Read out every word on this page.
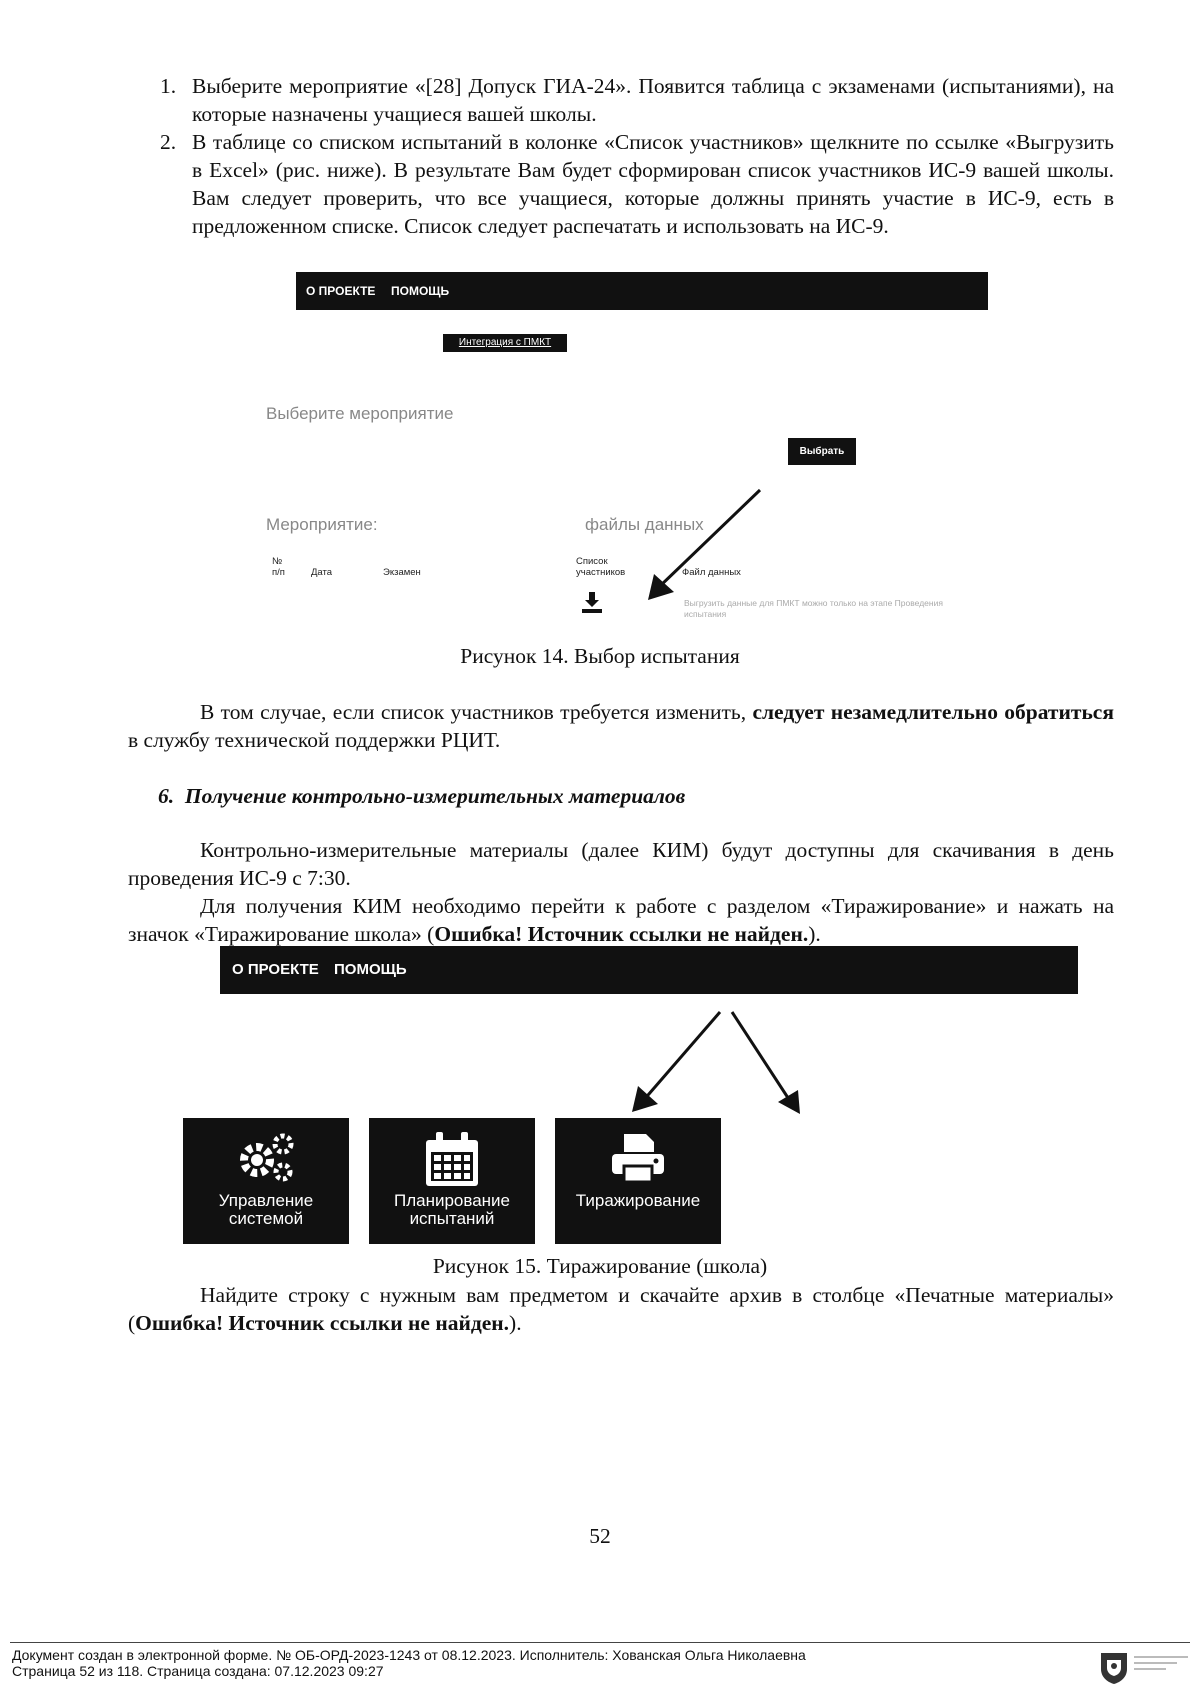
1. Выберите мероприятие «[28] Допуск ГИА-24». Появится таблица с экзаменами (испытаниями), на которые назначены учащиеся вашей школы.
2. В таблице со списком испытаний в колонке «Список участников» щелкните по ссылке «Выгрузить в Excel» (рис. ниже). В результате Вам будет сформирован список участников ИС-9 вашей школы. Вам следует проверить, что все учащиеся, которые должны принять участие в ИС-9, есть в предложенном списке. Список следует распечатать и использовать на ИС-9.
О ПРОЕКТЕ ПОМОЩЬ
Интеграция с ПМКТ
Выберите мероприятие
Выбрать
Мероприятие:	файлы данных
№ п/п	Дата	Экзамен
Список участников	Файл данных
Выгрузить данные для ПМКТ можно только на этапе Проведения испытания
Рисунок 14. Выбор испытания

В том случае, если список участников требуется изменить, следует незамедлительно обратиться в службу технической поддержки РЦИТ.

6. Получение контрольно-измерительных материалов

Контрольно-измерительные материалы (далее КИМ) будут доступны для скачивания в день проведения ИС-9 с 7:30.

Для получения КИМ необходимо перейти к работе с разделом «Тиражирование» и нажать на значок «Тиражирование школа» (Ошибка! Источник ссылки не найден.).

О ПРОЕКТЕ ПОМОЩЬ
Управление
системой
Планирование
испытаний
Тиражирование
Рисунок 15. Тиражирование (школа)

Найдите строку с нужным вам предметом и скачайте архив в столбце «Печатные материалы» (Ошибка! Источник ссылки не найден.).

52
Документ создан в электронной форме. № ОБ-ОРД-2023-1243 от 08.12.2023. Исполнитель: Хованская Ольга Николаевна
Страница 52 из 118. Страница создана: 07.12.2023 09:27
